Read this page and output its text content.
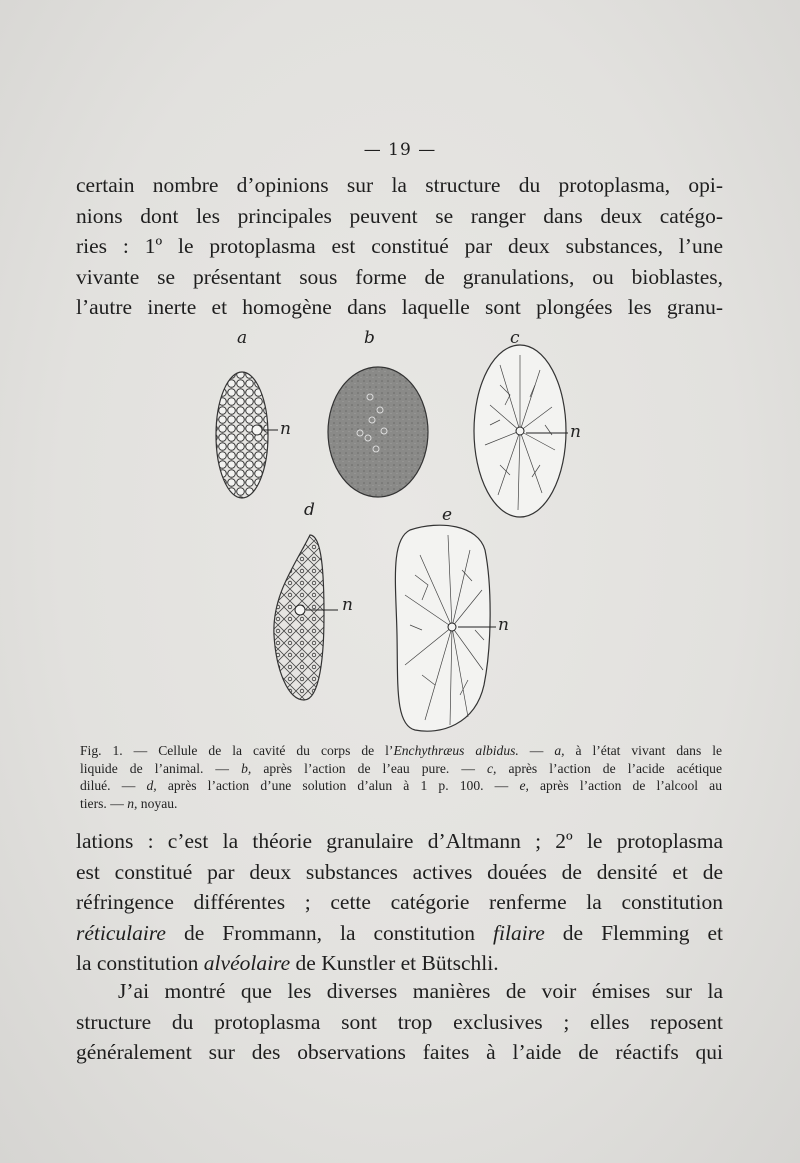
— 19 —

certain nombre d’opinions sur la structure du protoplasma, opi-
nions dont les principales peuvent se ranger dans deux catégo-
ries : 1º le protoplasma est constitué par deux substances, l’une
vivante se présentant sous forme de granulations, ou bioblastes,
l’autre inerte et homogène dans laquelle sont plongées les granu-

a	b	c
d	e
n	n
n
n
Fig. 1. — Cellule de la cavité du corps de l’Enchythræus albidus. — a, à l’état vivant dans le
liquide de l’animal. — b, après l’action de l’eau pure. — c, après l’action de l’acide acétique
dilué. — d, après l’action d’une solution d’alun à 1 p. 100. — e, après l’action de l’alcool au
tiers. — n, noyau.

lations : c’est la théorie granulaire d’Altmann ; 2º le protoplasma
est constitué par deux substances actives douées de densité et de
réfringence différentes ; cette catégorie renferme la constitution
réticulaire de Frommann, la constitution filaire de Flemming et
la constitution alvéolaire de Kunstler et Bütschli.

J’ai montré que les diverses manières de voir émises sur la
structure du protoplasma sont trop exclusives ; elles reposent
généralement sur des observations faites à l’aide de réactifs qui
